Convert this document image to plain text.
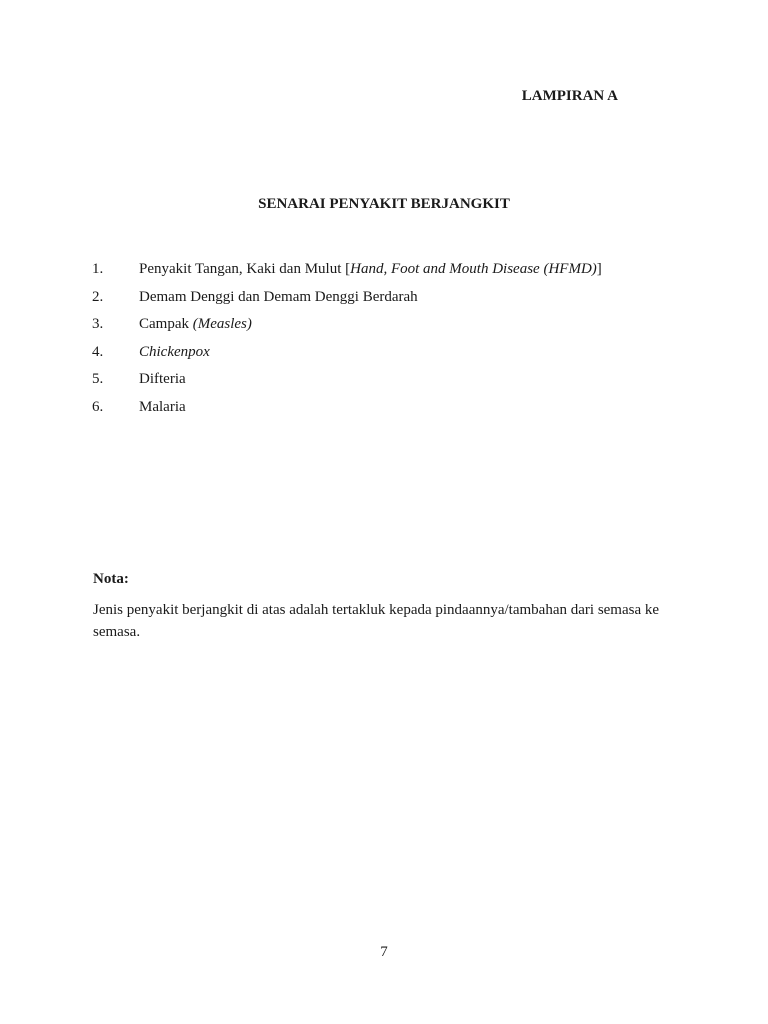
LAMPIRAN A
SENARAI PENYAKIT BERJANGKIT
1. Penyakit Tangan, Kaki dan Mulut [Hand, Foot and Mouth Disease (HFMD)]
2. Demam Denggi dan Demam Denggi Berdarah
3. Campak (Measles)
4. Chickenpox
5. Difteria
6. Malaria
Nota:
Jenis penyakit berjangkit di atas adalah tertakluk kepada pindaannya/tambahan dari semasa ke semasa.
7
